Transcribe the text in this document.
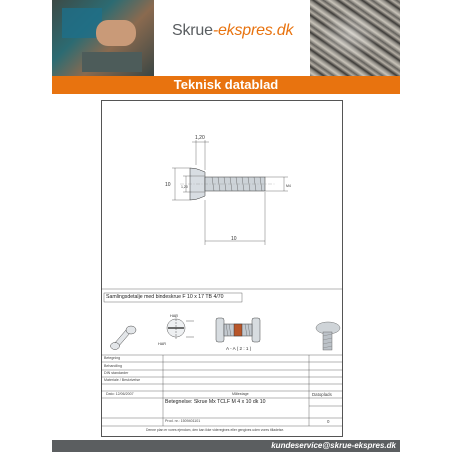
Skrue-ekspres.dk
Teknisk datablad
1,20
10	M4
1,20
10
HAR
HAR
A - A ( 2 : 1 )
Samlingsdetalje med bindeskrue F 10 x 17 TB 4/70
Betegning
Behandling
DIN standarder
Materiale / Beskrivelse
Dato: 12/06/2007	Målestage	Datoplads
Betegnelse: Skrue Mx TCLF M 4 x 10 dk 10
Prod. nr.: 1509401101	0
Denne plan er vores ejendom, den kan ikke videregives eller gengives uden vores tilladelse.
kundeservice@skrue-ekspres.dk
